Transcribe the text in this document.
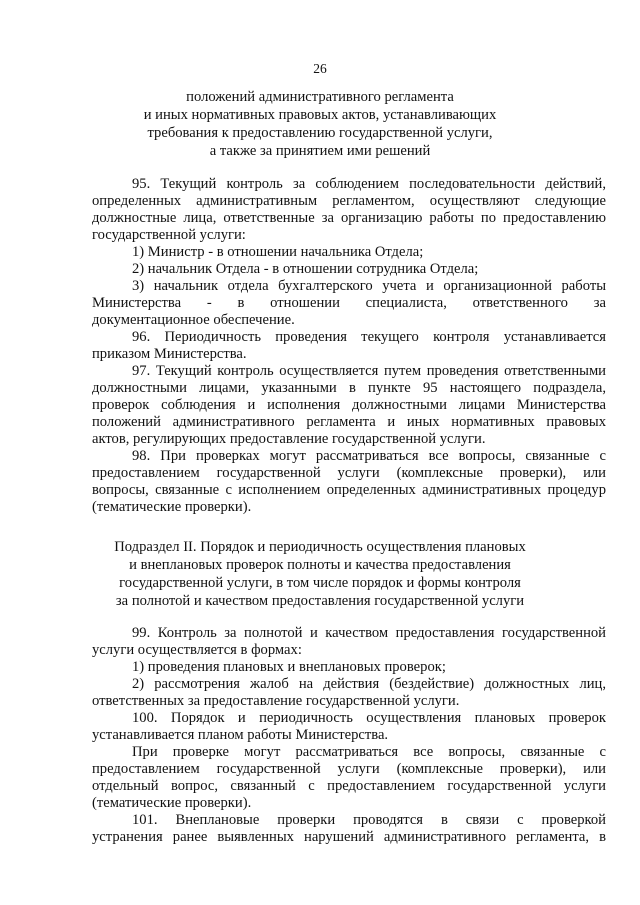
26
положений административного регламента
и иных нормативных правовых актов, устанавливающих
требования к предоставлению государственной услуги,
а также за принятием ими решений

95. Текущий контроль за соблюдением последовательности действий,

определенных административным регламентом, осуществляют следующие

должностные лица, ответственные за организацию работы по предоставлению

государственной услуги:

1) Министр - в отношении начальника Отдела;

2) начальник Отдела - в отношении сотрудника Отдела;

3) начальник отдела бухгалтерского учета и организационной работы

Министерства - в отношении специалиста, ответственного за

документационное обеспечение.

96. Периодичность проведения текущего контроля устанавливается

приказом Министерства.

97. Текущий контроль осуществляется путем проведения ответственными

должностными лицами, указанными в пункте 95 настоящего подраздела,

проверок соблюдения и исполнения должностными лицами Министерства

положений административного регламента и иных нормативных правовых

актов, регулирующих предоставление государственной услуги.

98. При проверках могут рассматриваться все вопросы, связанные с

предоставлением государственной услуги (комплексные проверки), или

вопросы, связанные с исполнением определенных административных процедур

(тематические проверки).

Подраздел II. Порядок и периодичность осуществления плановых
и внеплановых проверок полноты и качества предоставления
государственной услуги, в том числе порядок и формы контроля
за полнотой и качеством предоставления государственной услуги

99. Контроль за полнотой и качеством предоставления государственной

услуги осуществляется в формах:

1) проведения плановых и внеплановых проверок;

2) рассмотрения жалоб на действия (бездействие) должностных лиц,

ответственных за предоставление государственной услуги.

100. Порядок и периодичность осуществления плановых проверок

устанавливается планом работы Министерства.

При проверке могут рассматриваться все вопросы, связанные с

предоставлением государственной услуги (комплексные проверки), или

отдельный вопрос, связанный с предоставлением государственной услуги

(тематические проверки).

101. Внеплановые проверки проводятся в связи с проверкой

устранения ранее выявленных нарушений административного регламента, в
